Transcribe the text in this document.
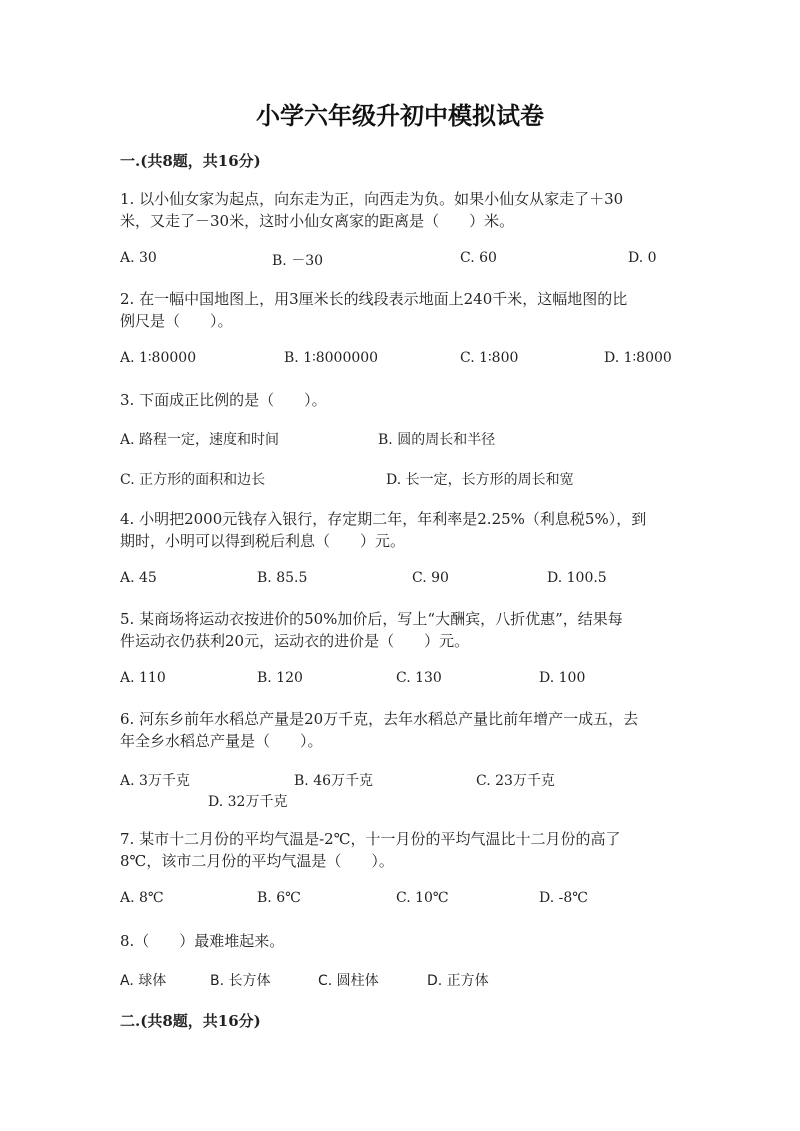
小学六年级升初中模拟试卷
一.(共8题，共16分)
1. 以小仙女家为起点，向东走为正，向西走为负。如果小仙女从家走了＋30
米，又走了－30米，这时小仙女离家的距离是（　　）米。
A. 30	B. －30	C. 60	D. 0
2. 在一幅中国地图上，用3厘米长的线段表示地面上240千米，这幅地图的比
例尺是（　　）。
A. 1∶80000	B. 1∶8000000	C. 1∶800	D. 1∶8000
3. 下面成正比例的是（　　）。
A. 路程一定，速度和时间	B. 圆的周长和半径
C. 正方形的面积和边长	D. 长一定，长方形的周长和宽
4. 小明把2000元钱存入银行，存定期二年，年利率是2.25%（利息税5%），到
期时，小明可以得到税后利息（　　）元。
A. 45	B. 85.5	C. 90	D. 100.5
5. 某商场将运动衣按进价的50%加价后，写上“大酬宾，八折优惠”，结果每
件运动衣仍获利20元，运动衣的进价是（　　）元。
A. 110	B. 120	C. 130	D. 100
6. 河东乡前年水稻总产量是20万千克，去年水稻总产量比前年增产一成五，去
年全乡水稻总产量是（　　）。
A. 3万千克	B. 46万千克	C. 23万千克
D. 32万千克
7. 某市十二月份的平均气温是-2℃，十一月份的平均气温比十二月份的高了
8℃，该市二月份的平均气温是（　　）。
A. 8℃	B. 6℃	C. 10℃	D. -8℃
8.（　　）最难堆起来。
A. 球体	B. 长方体	C. 圆柱体	D. 正方体
二.(共8题，共16分)
